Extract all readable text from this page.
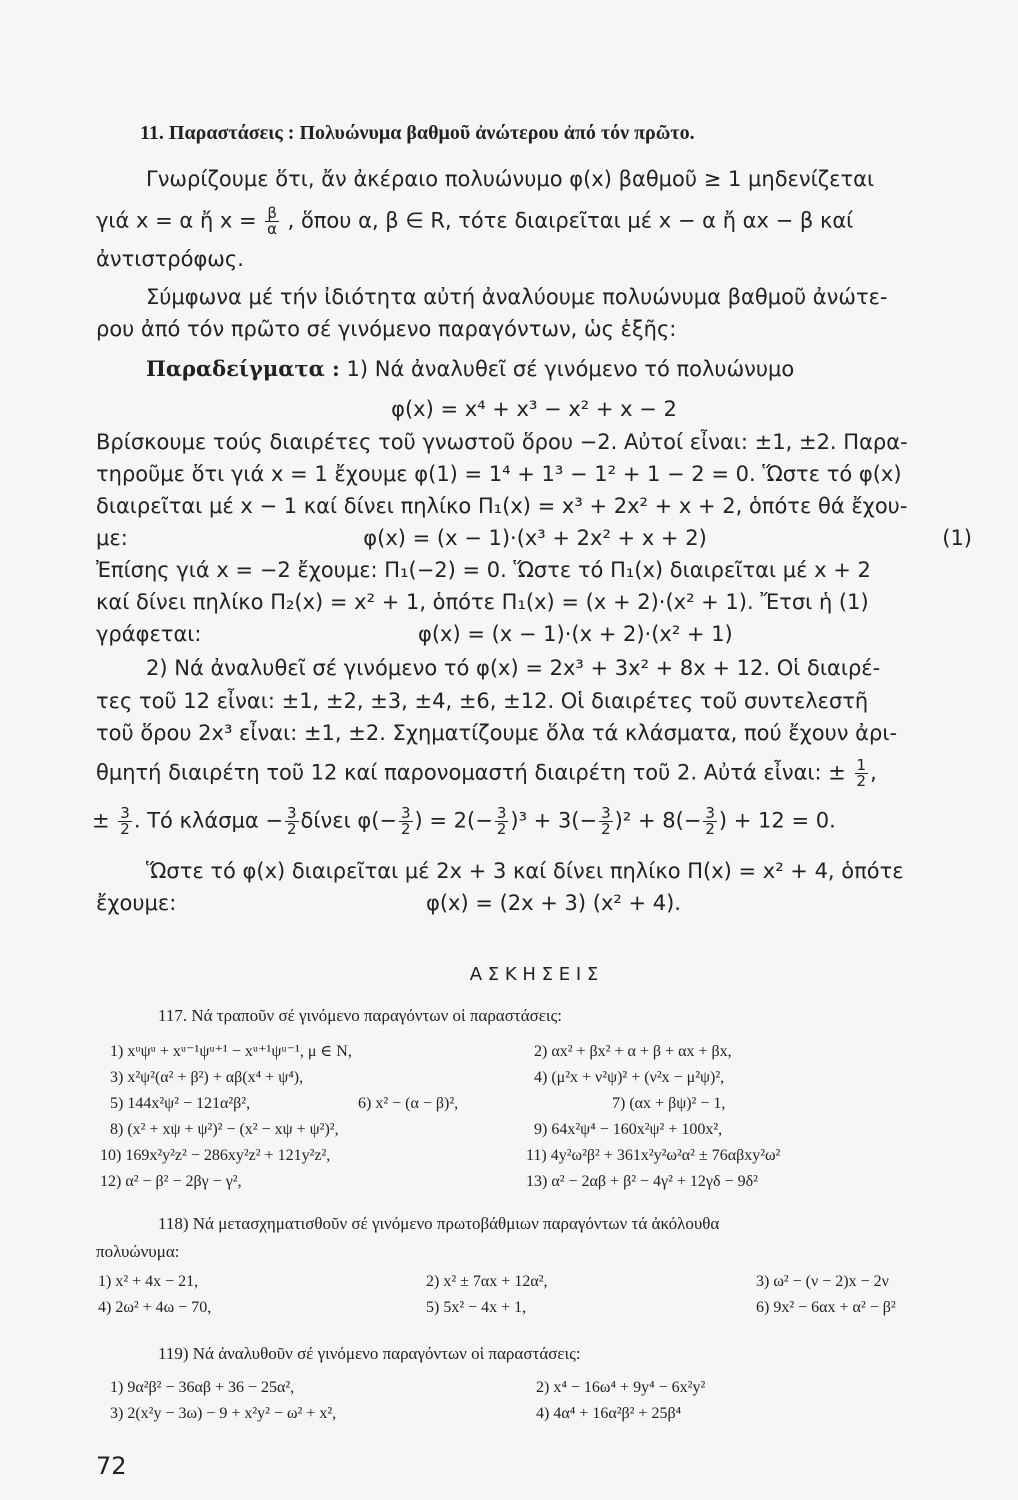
11. Παραστάσεις : Πολυώνυμα βαθμοῦ ἀνώτερου ἀπό τόν πρῶτο.
Γνωρίζουμε ὅτι, ἄν ἀκέραιο πολυώνυμο φ(x) βαθμοῦ ≥ 1 μηδενίζεται
γιά x = α ἤ $x = \frac{\beta}{\alpha}$ , ὅπου α, β ∈ R, τότε διαιρεῖται μέ x − α ἤ αx − β καί
ἀντιστρόφως.
Σύμφωνα μέ τήν ἰδιότητα αὐτή ἀναλύουμε πολυώνυμα βαθμοῦ ἀνώτε-
ρου ἀπό τόν πρῶτο σέ γινόμενο παραγόντων, ὡς ἑξῆς:
Παραδείγματα : 1) Νά ἀναλυθεῖ σέ γινόμενο τό πολυώνυμο
φ(x) = x⁴ + x³ − x² + x − 2
Βρίσκουμε τούς διαιρέτες τοῦ γνωστοῦ ὅρου −2. Αὐτοί εἶναι: ±1, ±2. Παρα-
τηροῦμε ὅτι γιά x = 1 ἔχουμε φ(1) = 1⁴ + 1³ − 1² + 1 − 2 = 0. Ὥστε τό φ(x)
διαιρεῖται μέ x − 1 καί δίνει πηλίκο Π₁(x) = x³ + 2x² + x + 2, ὁπότε θά ἔχου-
με:	φ(x) = (x − 1)·(x³ + 2x² + x + 2)	(1)
Ἐπίσης γιά x = −2 ἔχουμε: Π₁(−2) = 0. Ὥστε τό Π₁(x) διαιρεῖται μέ x + 2
καί δίνει πηλίκο Π₂(x) = x² + 1, ὁπότε Π₁(x) = (x + 2)·(x² + 1). Ἔτσι ἡ (1)
γράφεται:	φ(x) = (x − 1)·(x + 2)·(x² + 1)
2) Νά ἀναλυθεῖ σέ γινόμενο τό φ(x) = 2x³ + 3x² + 8x + 12. Οἱ διαιρέ-
τες τοῦ 12 εἶναι: ±1, ±2, ±3, ±4, ±6, ±12. Οἱ διαιρέτες τοῦ συντελεστῆ
τοῦ ὅρου 2x³ εἶναι: ±1, ±2. Σχηματίζουμε ὅλα τά κλάσματα, πού ἔχουν ἀρι-
θμητή διαιρέτη τοῦ 12 καί παρονομαστή διαιρέτη τοῦ 2. Αὐτά εἶναι: ± $\frac{1}{2}$ ,
± $\frac{3}{2}$ . Τό $\kappa\lambda ά\sigma\mu\alpha - \frac{3}{2}$ δίνει $\varphi(- \frac{3}{2}$ ) = $2(- \frac{3}{2} )^3 + 3(- \frac{3}{2} )^2 + 8(- \frac{3}{2}$ ) + 12 = 0.
Ὥστε τό φ(x) διαιρεῖται μέ 2x + 3 καί δίνει πηλίκο Π(x) = x² + 4, ὁπότε
ἔχουμε:	φ(x) = (2x + 3) (x² + 4).
Α Σ Κ Η Σ Ε Ι Σ
117. Νά τραποῦν σέ γινόμενο παραγόντων οἱ παραστάσεις:
1) xᵘψᵘ + xᵘ⁻¹ψᵘ⁺¹ − xᵘ⁺¹ψᵘ⁻¹, μ ∈ N,	2) αx² + βx² + α + β + αx + βx,
3) x²ψ²(α² + β²) + αβ(x⁴ + ψ⁴),	4) (μ²x + ν²ψ)² + (ν²x − μ²ψ)²,
5) 144x²ψ² − 121α²β²,	6) x² − (α − β)²,	7) (αx + βψ)² − 1,
8) (x² + xψ + ψ²)² − (x² − xψ + ψ²)²,	9) 64x²ψ⁴ − 160x²ψ² + 100x²,
10) 169x²y²z² − 286xy²z² + 121y²z²,	11) 4y²ω²β² + 361x²y²ω²α² ± 76αβxy²ω²
12) α² − β² − 2βγ − γ²,	13) α² − 2αβ + β² − 4γ² + 12γδ − 9δ²
118) Νά μετασχηματισθοῦν σέ γινόμενο πρωτοβάθμιων παραγόντων τά ἀκόλουθα
πολυώνυμα:
1) x² + 4x − 21,	2) x² ± 7αx + 12α²,	3) ω² − (ν − 2)x − 2ν
4) 2ω² + 4ω − 70,	5) 5x² − 4x + 1,	6) 9x² − 6αx + α² − β²
119) Νά ἀναλυθοῦν σέ γινόμενο παραγόντων οἱ παραστάσεις:
1) 9α²β² − 36αβ + 36 − 25α²,	2) x⁴ − 16ω⁴ + 9y⁴ − 6x²y²
3) 2(x²y − 3ω) − 9 + x²y² − ω² + x²,	4) 4α⁴ + 16α²β² + 25β⁴
72
